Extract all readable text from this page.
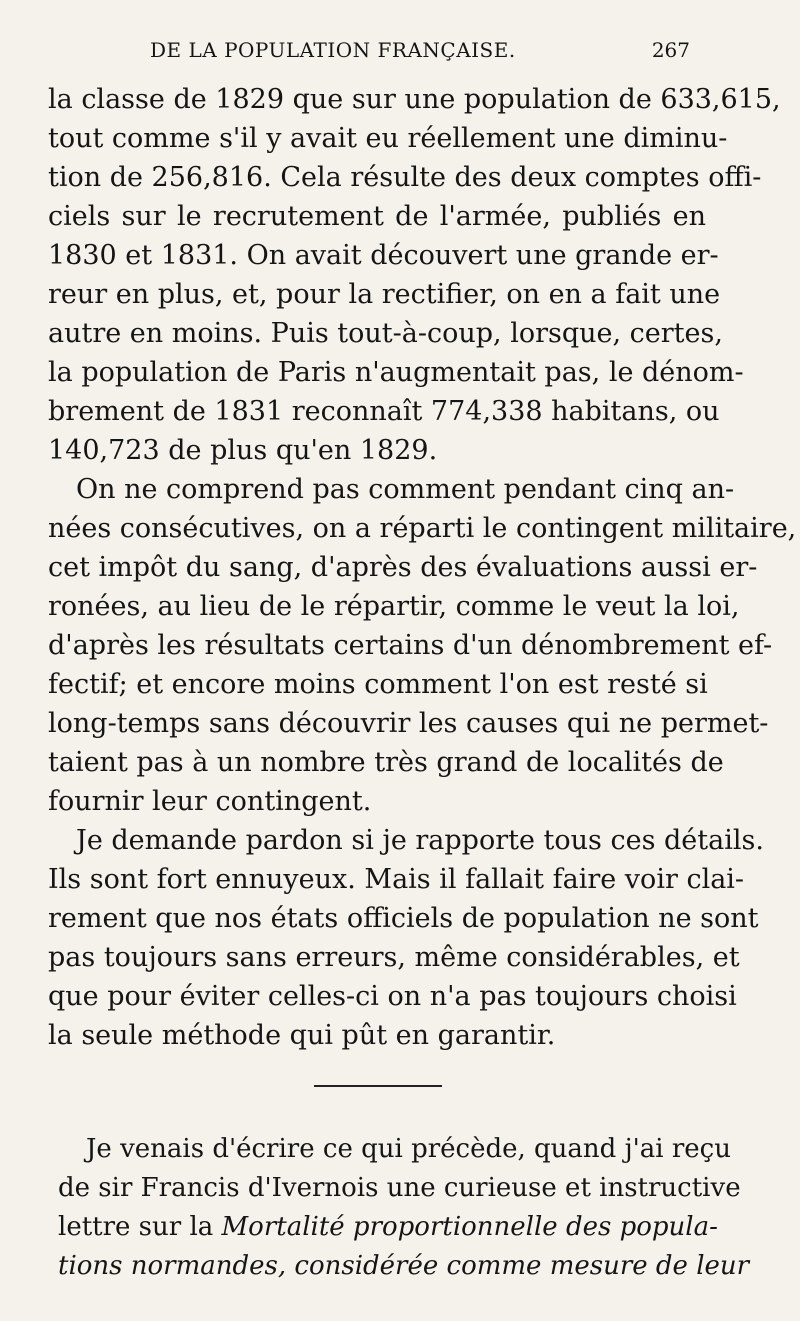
DE LA POPULATION FRANÇAISE.	267
la classe de 1829 que sur une population de 633,615,
tout comme s'il y avait eu réellement une diminu-
tion de 256,816. Cela résulte des deux comptes offi-
ciels sur le recrutement de l'armée, publiés en
1830 et 1831. On avait découvert une grande er-
reur en plus, et, pour la rectifier, on en a fait une
autre en moins. Puis tout-à-coup, lorsque, certes,
la population de Paris n'augmentait pas, le dénom-
brement de 1831 reconnaît 774,338 habitans, ou
140,723 de plus qu'en 1829.
On ne comprend pas comment pendant cinq an-
nées consécutives, on a réparti le contingent militaire,
cet impôt du sang, d'après des évaluations aussi er-
ronées, au lieu de le répartir, comme le veut la loi,
d'après les résultats certains d'un dénombrement ef-
fectif; et encore moins comment l'on est resté si
long-temps sans découvrir les causes qui ne permet-
taient pas à un nombre très grand de localités de
fournir leur contingent.
Je demande pardon si je rapporte tous ces détails.
Ils sont fort ennuyeux. Mais il fallait faire voir clai-
rement que nos états officiels de population ne sont
pas toujours sans erreurs, même considérables, et
que pour éviter celles-ci on n'a pas toujours choisi
la seule méthode qui pût en garantir.
Je venais d'écrire ce qui précède, quand j'ai reçu
de sir Francis d'Ivernois une curieuse et instructive
lettre sur la Mortalité proportionnelle des popula-
tions normandes, considérée comme mesure de leur
